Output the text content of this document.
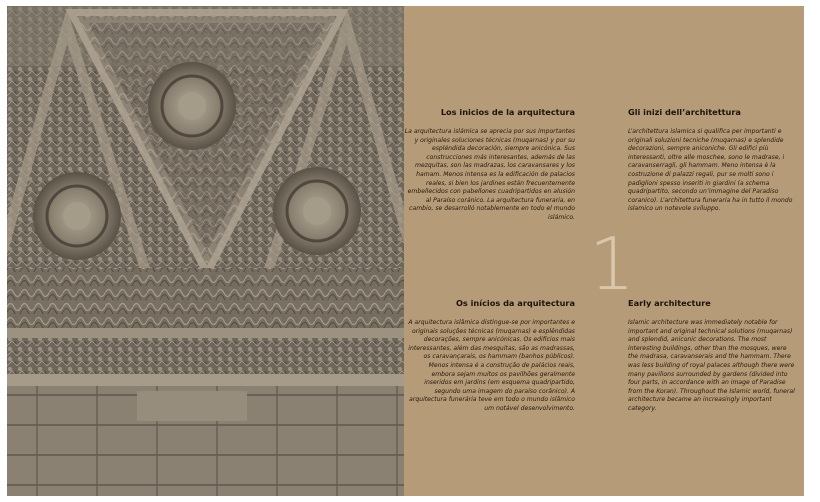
1
Los inicios de la arquitectura

La arquitectura islámica se aprecia por sus importantes y originales soluciones técnicas (muqarnas) y por su espléndida decoración, siempre anicónica. Sus construcciones más interesantes, además de las mezquitas, son las madrazas, los caravansares y los hamam. Menos intensa es la edificación de palacios reales, si bien los jardines están frecuentemente embellecidos con pabellones cuadripartidos en alusión al Paraíso coránico. La arquitectura funeraria, en cambio, se desarrolló notablemente en todo el mundo islámico.

Gli inizi dell’architettura

L’architettura islamica si qualifica per importanti e originali soluzioni tecniche (muqarnas) e splendide decorazioni, sempre aniconiche. Gli edifici più interessanti, oltre alle moschee, sono le madrase, i caravanserragli, gli hammam. Meno intensa è la costruzione di palazzi regali, pur se molti sono i padiglioni spesso inseriti in giardini (a schema quadripartito, secondo un’immagine del Paradiso coranico). L’architettura funeraria ha in tutto il mondo islamico un notevole sviluppo.

Os inícios da arquitectura

A arquitectura islâmica distingue-se por importantes e originais soluções técnicas (muqarnas) e esplêndidas decorações, sempre anicónicas. Os edifícios mais interessantes, além das mesquitas, são as madrassas, os caravançarais, os hammam (banhos públicos). Menos intensa é a construção de palácios reais, embora sejam muitos os pavilhões geralmente inseridos em jardins (em esquema quadripartido, segundo uma imagem do paraíso corânico). A arquitectura funerária teve em todo o mundo islâmico um notável desenvolvimento.

Early architecture

Islamic architecture was immediately notable for important and original technical solutions (muqarnas) and splendid, aniconic decorations. The most interesting buildings, other than the mosques, were the madrasa, caravanserais and the hammam. There was less building of royal palaces although there were many pavilions surrounded by gardens (divided into four parts, in accordance with an image of Paradise from the Koran). Throughout the Islamic world, funeral architecture became an increasingly important category.
